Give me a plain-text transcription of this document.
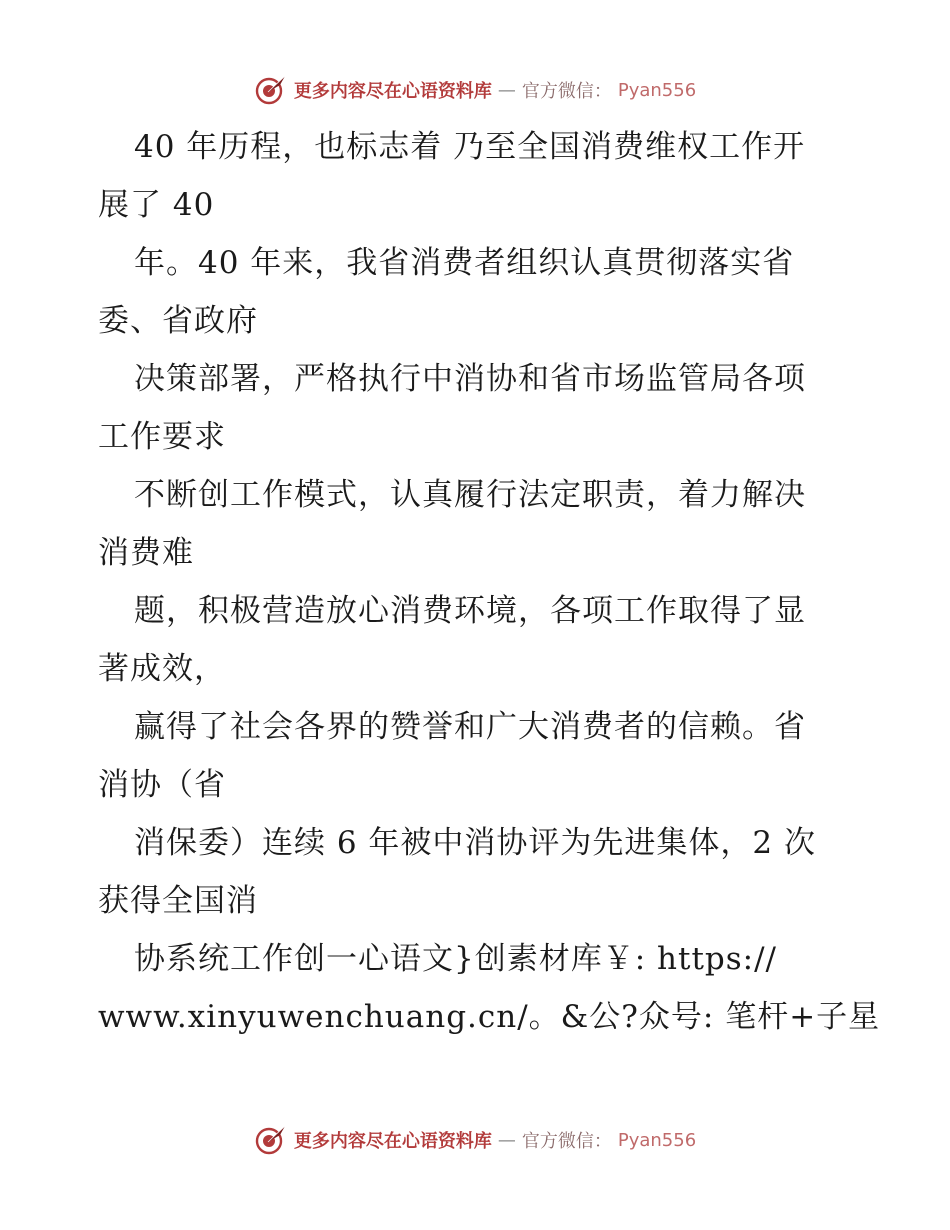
更多内容尽在心语资料库 — 官方微信： Pyan556
40 年历程，也标志着 乃至全国消费维权工作开
展了 40
年。40 年来，我省消费者组织认真贯彻落实省
委、省政府
决策部署，严格执行中消协和省市场监管局各项
工作要求
不断创工作模式，认真履行法定职责，着力解决
消费难
题，积极营造放心消费环境，各项工作取得了显
著成效，
赢得了社会各界的赞誉和广大消费者的信赖。省
消协（省
消保委）连续 6 年被中消协评为先进集体，2 次
获得全国消
协系统工作创一心语文}创素材库￥: https://
www.xinyuwenchuang.cn/。&公?众号: 笔杆+子星
更多内容尽在心语资料库 — 官方微信： Pyan556
